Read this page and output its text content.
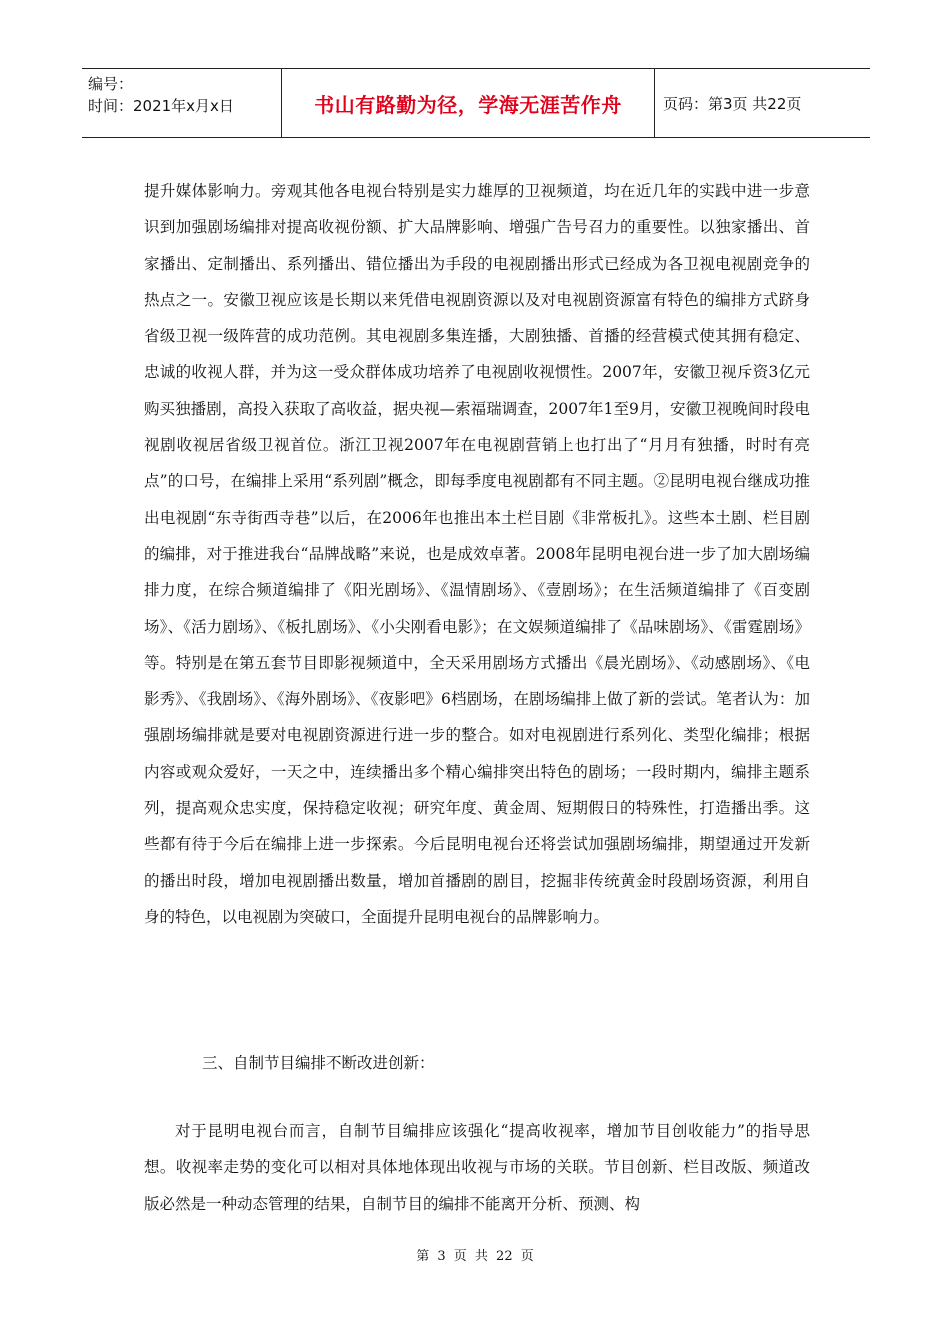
编号：
时间：2021年x月x日	书山有路勤为径，学海无涯苦作舟	页码：第3页 共22页

提升媒体影响力。旁观其他各电视台特别是实力雄厚的卫视频道，均在近几年的实践中进一步意识到加强剧场编排对提高收视份额、扩大品牌影响、增强广告号召力的重要性。以独家播出、首家播出、定制播出、系列播出、错位播出为手段的电视剧播出形式已经成为各卫视电视剧竞争的热点之一。安徽卫视应该是长期以来凭借电视剧资源以及对电视剧资源富有特色的编排方式跻身省级卫视一级阵营的成功范例。其电视剧多集连播，大剧独播、首播的经营模式使其拥有稳定、忠诚的收视人群，并为这一受众群体成功培养了电视剧收视惯性。2007年，安徽卫视斥资3亿元购买独播剧，高投入获取了高收益，据央视—索福瑞调查，2007年1至9月，安徽卫视晚间时段电视剧收视居省级卫视首位。浙江卫视2007年在电视剧营销上也打出了“月月有独播，时时有亮点”的口号，在编排上采用“系列剧”概念，即每季度电视剧都有不同主题。②昆明电视台继成功推出电视剧“东寺街西寺巷”以后，在2006年也推出本土栏目剧《非常板扎》。这些本土剧、栏目剧的编排，对于推进我台“品牌战略”来说，也是成效卓著。2008年昆明电视台进一步了加大剧场编排力度，在综合频道编排了《阳光剧场》、《温情剧场》、《壹剧场》；在生活频道编排了《百变剧场》、《活力剧场》、《板扎剧场》、《小尖刚看电影》；在文娱频道编排了《品味剧场》、《雷霆剧场》等。特别是在第五套节目即影视频道中，全天采用剧场方式播出《晨光剧场》、《动感剧场》、《电影秀》、《我剧场》、《海外剧场》、《夜影吧》6档剧场，在剧场编排上做了新的尝试。笔者认为：加强剧场编排就是要对电视剧资源进行进一步的整合。如对电视剧进行系列化、类型化编排；根据内容或观众爱好，一天之中，连续播出多个精心编排突出特色的剧场；一段时期内，编排主题系列，提高观众忠实度，保持稳定收视；研究年度、黄金周、短期假日的特殊性，打造播出季。这些都有待于今后在编排上进一步探索。今后昆明电视台还将尝试加强剧场编排，期望通过开发新的播出时段，增加电视剧播出数量，增加首播剧的剧目，挖掘非传统黄金时段剧场资源，利用自身的特色，以电视剧为突破口，全面提升昆明电视台的品牌影响力。

三、自制节目编排不断改进创新：

对于昆明电视台而言，自制节目编排应该强化“提高收视率，增加节目创收能力”的指导思想。收视率走势的变化可以相对具体地体现出收视与市场的关联。节目创新、栏目改版、频道改版必然是一种动态管理的结果，自制节目的编排不能离开分析、预测、构

第 3 页 共 22 页
